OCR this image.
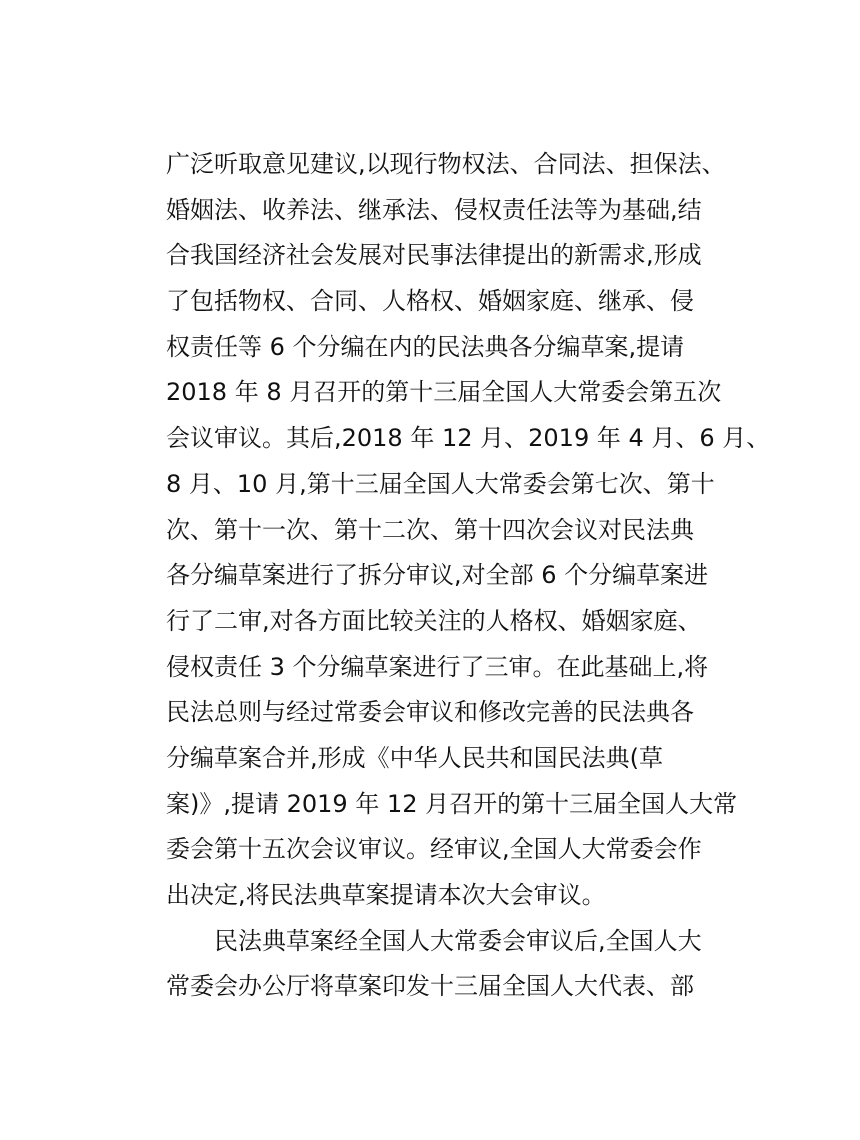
广泛听取意见建议,以现行物权法、合同法、担保法、
婚姻法、收养法、继承法、侵权责任法等为基础,结
合我国经济社会发展对民事法律提出的新需求,形成
了包括物权、合同、人格权、婚姻家庭、继承、侵
权责任等 6 个分编在内的民法典各分编草案,提请
2018 年 8 月召开的第十三届全国人大常委会第五次
会议审议。其后,2018 年 12 月、2019 年 4 月、6 月、
8 月、10 月,第十三届全国人大常委会第七次、第十
次、第十一次、第十二次、第十四次会议对民法典
各分编草案进行了拆分审议,对全部 6 个分编草案进
行了二审,对各方面比较关注的人格权、婚姻家庭、
侵权责任 3 个分编草案进行了三审。在此基础上,将
民法总则与经过常委会审议和修改完善的民法典各
分编草案合并,形成《中华人民共和国民法典(草
案)》,提请 2019 年 12 月召开的第十三届全国人大常
委会第十五次会议审议。经审议,全国人大常委会作
出决定,将民法典草案提请本次大会审议。
民法典草案经全国人大常委会审议后,全国人大
常委会办公厅将草案印发十三届全国人大代表、部
